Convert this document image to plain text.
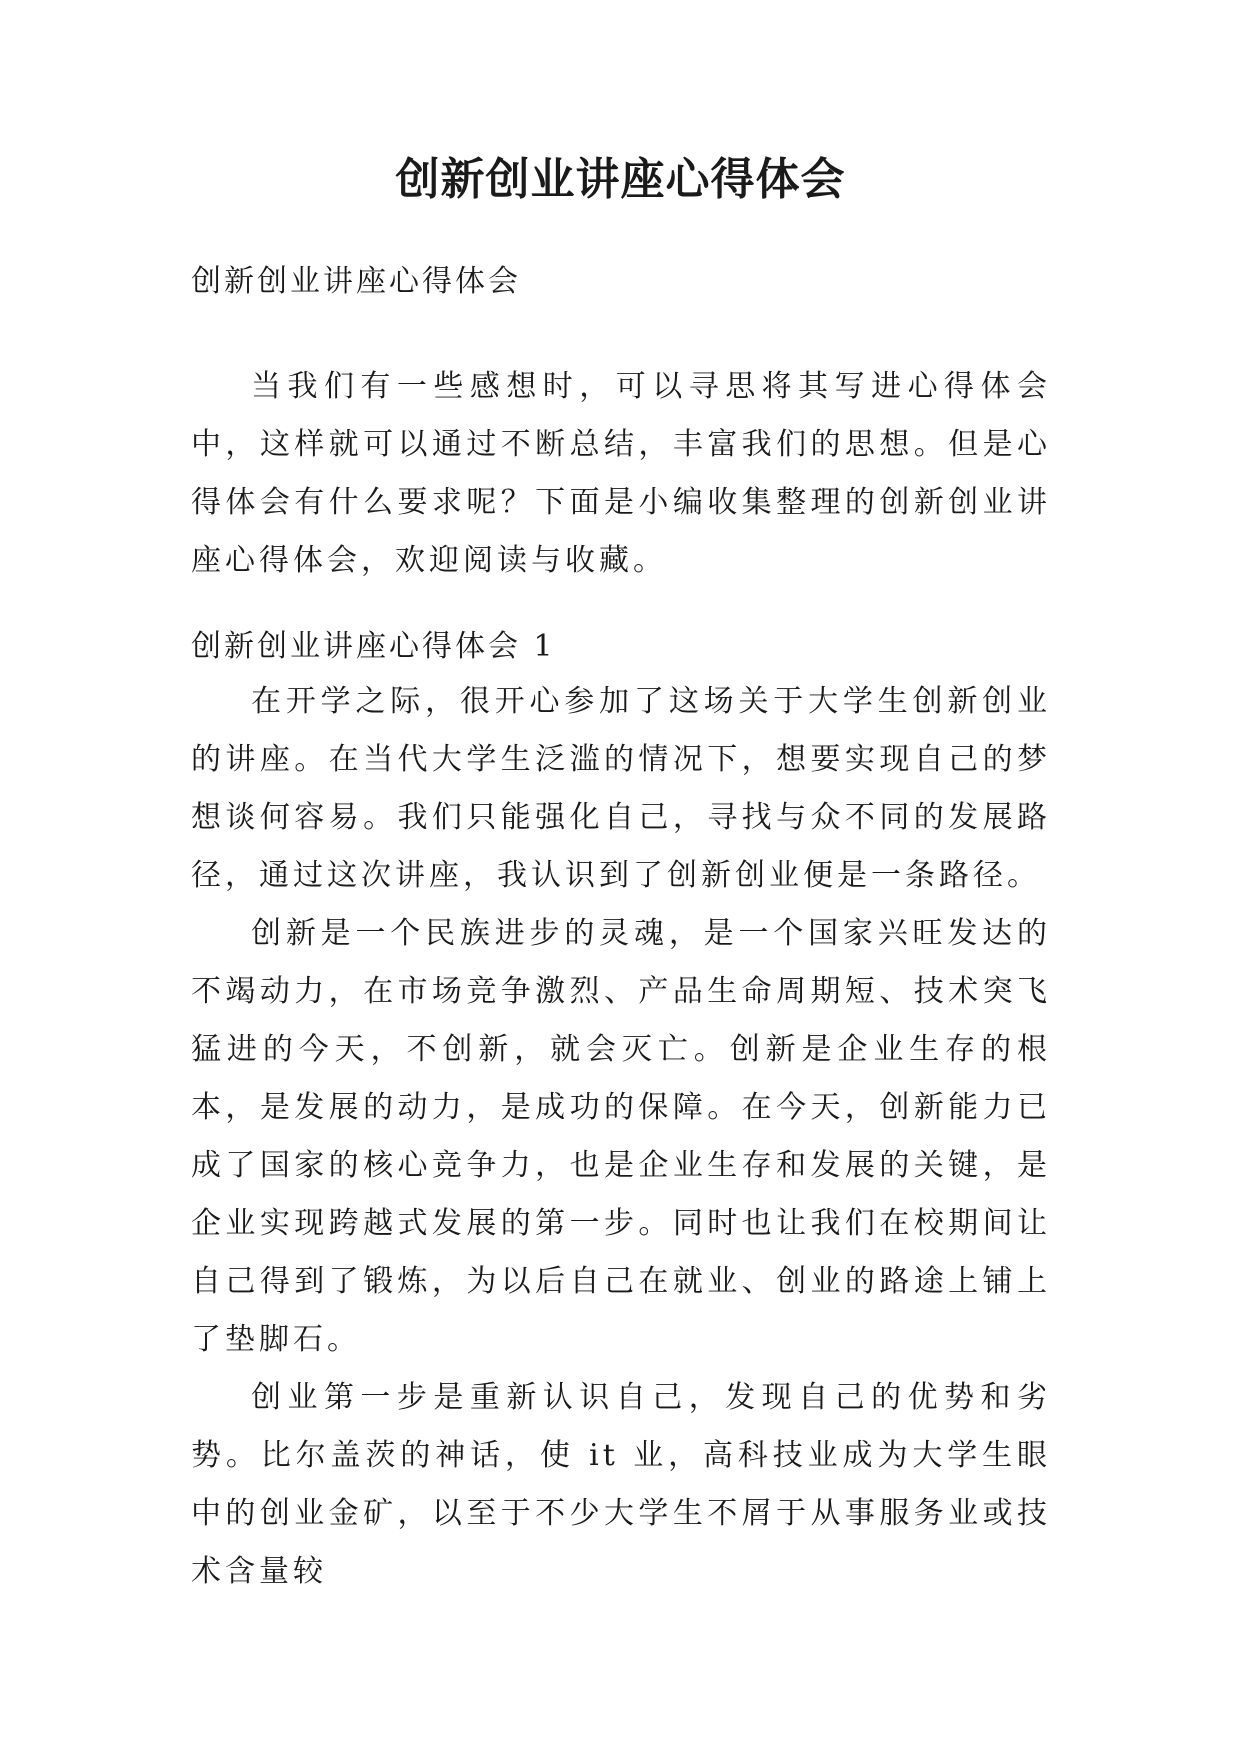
创新创业讲座心得体会
创新创业讲座心得体会

当我们有一些感想时，可以寻思将其写进心得体会中，这样就可以通过不断总结，丰富我们的思想。但是心得体会有什么要求呢？下面是小编收集整理的创新创业讲座心得体会，欢迎阅读与收藏。

创新创业讲座心得体会 1

在开学之际，很开心参加了这场关于大学生创新创业的讲座。在当代大学生泛滥的情况下，想要实现自己的梦想谈何容易。我们只能强化自己，寻找与众不同的发展路径，通过这次讲座，我认识到了创新创业便是一条路径。

创新是一个民族进步的灵魂，是一个国家兴旺发达的不竭动力，在市场竞争激烈、产品生命周期短、技术突飞猛进的今天，不创新，就会灭亡。创新是企业生存的根本，是发展的动力，是成功的保障。在今天，创新能力已成了国家的核心竞争力，也是企业生存和发展的关键，是企业实现跨越式发展的第一步。同时也让我们在校期间让自己得到了锻炼，为以后自己在就业、创业的路途上铺上了垫脚石。

创业第一步是重新认识自己，发现自己的优势和劣势。比尔盖茨的神话，使 it 业，高科技业成为大学生眼中的创业金矿，以至于不少大学生不屑于从事服务业或技术含量较
